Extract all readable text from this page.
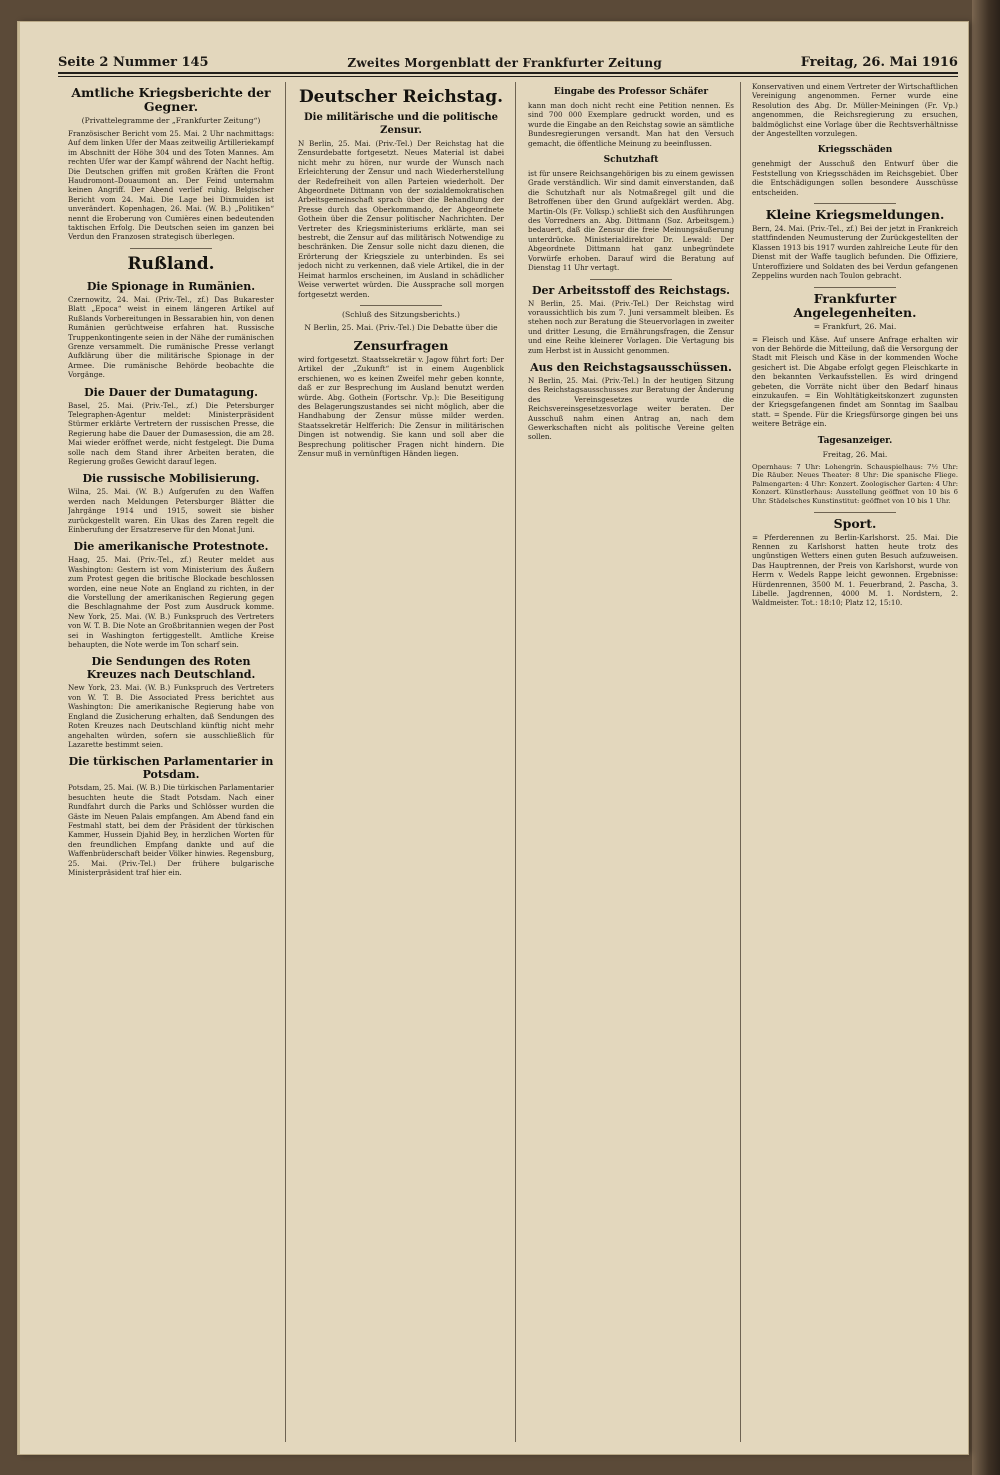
Seite 2 Nummer 145	Zweites Morgenblatt der Frankfurter Zeitung	Freitag, 26. Mai 1916
Amtliche Kriegsberichte der Gegner.
(Privattelegramme der „Frankfurter Zeitung“)
Französischer Bericht vom 25. Mai. 2 Uhr nachmittags: Auf dem linken Ufer der Maas zeitweilig Artilleriekampf im Abschnitt der Höhe 304 und des Toten Mannes. Am rechten Ufer war der Kampf während der Nacht heftig. Die Deutschen griffen mit großen Kräften die Front Haudromont–Douaumont an. Der Feind unternahm keinen Angriff. Der Abend verlief ruhig. Belgischer Bericht vom 24. Mai. Die Lage bei Dixmuiden ist unverändert. Kopenhagen, 26. Mai. (W. B.) „Politiken“ nennt die Eroberung von Cumières einen bedeutenden taktischen Erfolg. Die Deutschen seien im ganzen bei Verdun den Franzosen strategisch überlegen.
Rußland.
Die Spionage in Rumänien.
Czernowitz, 24. Mai. (Priv.-Tel., zf.) Das Bukarester Blatt „Epoca“ weist in einem längeren Artikel auf Rußlands Vorbereitungen in Bessarabien hin, von denen Rumänien gerüchtweise erfahren hat. Russische Truppenkontingente seien in der Nähe der rumänischen Grenze versammelt. Die rumänische Presse verlangt Aufklärung über die militärische Spionage in der Armee. Die rumänische Behörde beobachte die Vorgänge.
Die Dauer der Dumatagung.
Basel, 25. Mai. (Priv.-Tel., zf.) Die Petersburger Telegraphen-Agentur meldet: Ministerpräsident Stürmer erklärte Vertretern der russischen Presse, die Regierung habe die Dauer der Dumasession, die am 28. Mai wieder eröffnet werde, nicht festgelegt. Die Duma solle nach dem Stand ihrer Arbeiten beraten, die Regierung großes Gewicht darauf legen.
Die russische Mobilisierung.
Wilna, 25. Mai. (W. B.) Aufgerufen zu den Waffen werden nach Meldungen Petersburger Blätter die Jahrgänge 1914 und 1915, soweit sie bisher zurückgestellt waren. Ein Ukas des Zaren regelt die Einberufung der Ersatzreserve für den Monat Juni.
Die amerikanische Protestnote.
Haag, 25. Mai. (Priv.-Tel., zf.) Reuter meldet aus Washington: Gestern ist vom Ministerium des Äußern zum Protest gegen die britische Blockade beschlossen worden, eine neue Note an England zu richten, in der die Vorstellung der amerikanischen Regierung gegen die Beschlagnahme der Post zum Ausdruck komme. New York, 25. Mai. (W. B.) Funkspruch des Vertreters von W. T. B. Die Note an Großbritannien wegen der Post sei in Washington fertiggestellt. Amtliche Kreise behaupten, die Note werde im Ton scharf sein.
Die Sendungen des Roten Kreuzes nach Deutschland.
New York, 23. Mai. (W. B.) Funkspruch des Vertreters von W. T. B. Die Associated Press berichtet aus Washington: Die amerikanische Regierung habe von England die Zusicherung erhalten, daß Sendungen des Roten Kreuzes nach Deutschland künftig nicht mehr angehalten würden, sofern sie ausschließlich für Lazarette bestimmt seien.
Die türkischen Parlamentarier in Potsdam.
Potsdam, 25. Mai. (W. B.) Die türkischen Parlamentarier besuchten heute die Stadt Potsdam. Nach einer Rundfahrt durch die Parks und Schlösser wurden die Gäste im Neuen Palais empfangen. Am Abend fand ein Festmahl statt, bei dem der Präsident der türkischen Kammer, Hussein Djahid Bey, in herzlichen Worten für den freundlichen Empfang dankte und auf die Waffenbrüderschaft beider Völker hinwies. Regensburg, 25. Mai. (Priv.-Tel.) Der frühere bulgarische Ministerpräsident traf hier ein.
Deutscher Reichstag.
Die militärische und die politische Zensur.
N Berlin, 25. Mai. (Priv.-Tel.) Der Reichstag hat die Zensurdebatte fortgesetzt. Neues Material ist dabei nicht mehr zu hören, nur wurde der Wunsch nach Erleichterung der Zensur und nach Wiederherstellung der Redefreiheit von allen Parteien wiederholt. Der Abgeordnete Dittmann von der sozialdemokratischen Arbeitsgemeinschaft sprach über die Behandlung der Presse durch das Oberkommando, der Abgeordnete Gothein über die Zensur politischer Nachrichten. Der Vertreter des Kriegsministeriums erklärte, man sei bestrebt, die Zensur auf das militärisch Notwendige zu beschränken. Die Zensur solle nicht dazu dienen, die Erörterung der Kriegsziele zu unterbinden. Es sei jedoch nicht zu verkennen, daß viele Artikel, die in der Heimat harmlos erscheinen, im Ausland in schädlicher Weise verwertet würden. Die Aussprache soll morgen fortgesetzt werden.
(Schluß des Sitzungsberichts.)
N Berlin, 25. Mai. (Priv.-Tel.) Die Debatte über die
Zensurfragen
wird fortgesetzt. Staatssekretär v. Jagow führt fort: Der Artikel der „Zukunft“ ist in einem Augenblick erschienen, wo es keinen Zweifel mehr geben konnte, daß er zur Besprechung im Ausland benutzt werden würde. Abg. Gothein (Fortschr. Vp.): Die Beseitigung des Belagerungszustandes sei nicht möglich, aber die Handhabung der Zensur müsse milder werden. Staatssekretär Helfferich: Die Zensur in militärischen Dingen ist notwendig. Sie kann und soll aber die Besprechung politischer Fragen nicht hindern. Die Zensur muß in vernünftigen Händen liegen.
Eingabe des Professor Schäfer
kann man doch nicht recht eine Petition nennen. Es sind 700 000 Exemplare gedruckt worden, und es wurde die Eingabe an den Reichstag sowie an sämtliche Bundesregierungen versandt. Man hat den Versuch gemacht, die öffentliche Meinung zu beeinflussen.
Schutzhaft
ist für unsere Reichsangehörigen bis zu einem gewissen Grade verständlich. Wir sind damit einverstanden, daß die Schutzhaft nur als Notmaßregel gilt und die Betroffenen über den Grund aufgeklärt werden. Abg. Martin-Ols (Fr. Volksp.) schließt sich den Ausführungen des Vorredners an. Abg. Dittmann (Soz. Arbeitsgem.) bedauert, daß die Zensur die freie Meinungsäußerung unterdrücke. Ministerialdirektor Dr. Lewald: Der Abgeordnete Dittmann hat ganz unbegründete Vorwürfe erhoben. Darauf wird die Beratung auf Dienstag 11 Uhr vertagt.
Der Arbeitsstoff des Reichstags.
N Berlin, 25. Mai. (Priv.-Tel.) Der Reichstag wird voraussichtlich bis zum 7. Juni versammelt bleiben. Es stehen noch zur Beratung die Steuervorlagen in zweiter und dritter Lesung, die Ernährungsfragen, die Zensur und eine Reihe kleinerer Vorlagen. Die Vertagung bis zum Herbst ist in Aussicht genommen.
Aus den Reichstagsausschüssen.
N Berlin, 25. Mai. (Priv.-Tel.) In der heutigen Sitzung des Reichstagsausschusses zur Beratung der Änderung des Vereinsgesetzes wurde die Reichsvereinsgesetzesvorlage weiter beraten. Der Ausschuß nahm einen Antrag an, nach dem Gewerkschaften nicht als politische Vereine gelten sollen.
Konservativen und einem Vertreter der Wirtschaftlichen Vereinigung angenommen. Ferner wurde eine Resolution des Abg. Dr. Müller-Meiningen (Fr. Vp.) angenommen, die Reichsregierung zu ersuchen, baldmöglichst eine Vorlage über die Rechtsverhältnisse der Angestellten vorzulegen.
Kriegsschäden
genehmigt der Ausschuß den Entwurf über die Feststellung von Kriegsschäden im Reichsgebiet. Über die Entschädigungen sollen besondere Ausschüsse entscheiden.
Kleine Kriegsmeldungen.
Bern, 24. Mai. (Priv.-Tel., zf.) Bei der jetzt in Frankreich stattfindenden Neumusterung der Zurückgestellten der Klassen 1913 bis 1917 wurden zahlreiche Leute für den Dienst mit der Waffe tauglich befunden. Die Offiziere, Unteroffiziere und Soldaten des bei Verdun gefangenen Zeppelins wurden nach Toulon gebracht.
Frankfurter Angelegenheiten.
= Frankfurt, 26. Mai.
= Fleisch und Käse. Auf unsere Anfrage erhalten wir von der Behörde die Mitteilung, daß die Versorgung der Stadt mit Fleisch und Käse in der kommenden Woche gesichert ist. Die Abgabe erfolgt gegen Fleischkarte in den bekannten Verkaufsstellen. Es wird dringend gebeten, die Vorräte nicht über den Bedarf hinaus einzukaufen. = Ein Wohltätigkeitskonzert zugunsten der Kriegsgefangenen findet am Sonntag im Saalbau statt. = Spende. Für die Kriegsfürsorge gingen bei uns weitere Beträge ein.
Tagesanzeiger.
Freitag, 26. Mai.
Opernhaus: 7 Uhr: Lohengrin. Schauspielhaus: 7½ Uhr: Die Räuber. Neues Theater: 8 Uhr: Die spanische Fliege. Palmengarten: 4 Uhr: Konzert. Zoologischer Garten: 4 Uhr: Konzert. Künstlerhaus: Ausstellung geöffnet von 10 bis 6 Uhr. Städelsches Kunstinstitut: geöffnet von 10 bis 1 Uhr.
Sport.
= Pferderennen zu Berlin-Karlshorst. 25. Mai. Die Rennen zu Karlshorst hatten heute trotz des ungünstigen Wetters einen guten Besuch aufzuweisen. Das Hauptrennen, der Preis von Karlshorst, wurde von Herrn v. Wedels Rappe leicht gewonnen. Ergebnisse: Hürdenrennen, 3500 M. 1. Feuerbrand, 2. Pascha, 3. Libelle. Jagdrennen, 4000 M. 1. Nordstern, 2. Waldmeister. Tot.: 18:10; Platz 12, 15:10.
